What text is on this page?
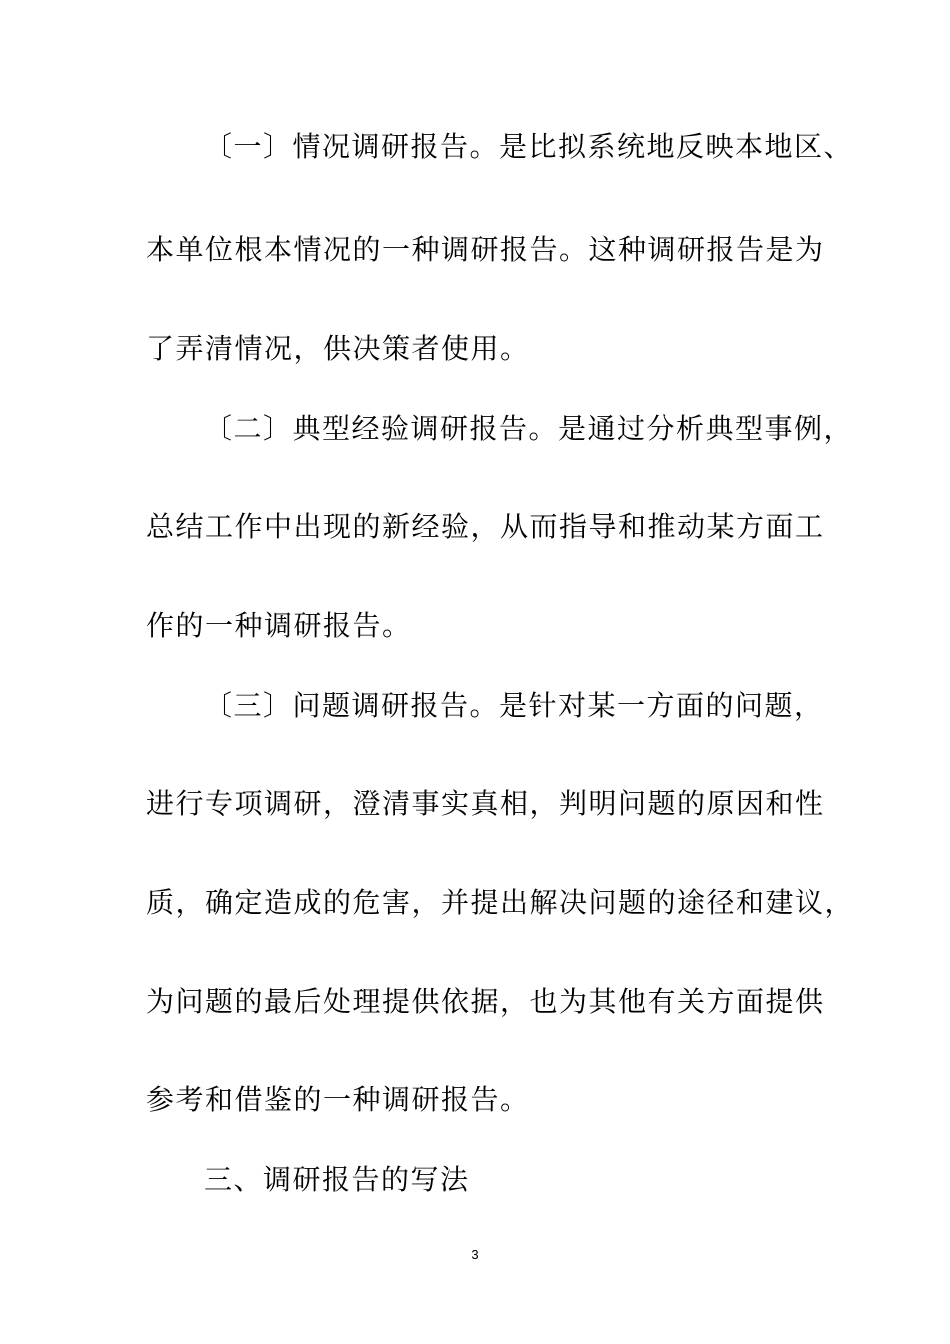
〔一〕情况调研报告。是比拟系统地反映本地区、
本单位根本情况的一种调研报告。这种调研报告是为
了弄清情况，供决策者使用。
〔二〕典型经验调研报告。是通过分析典型事例，
总结工作中出现的新经验，从而指导和推动某方面工
作的一种调研报告。
〔三〕问题调研报告。是针对某一方面的问题，
进行专项调研，澄清事实真相，判明问题的原因和性
质，确定造成的危害，并提出解决问题的途径和建议，
为问题的最后处理提供依据，也为其他有关方面提供
参考和借鉴的一种调研报告。
三、调研报告的写法
3
